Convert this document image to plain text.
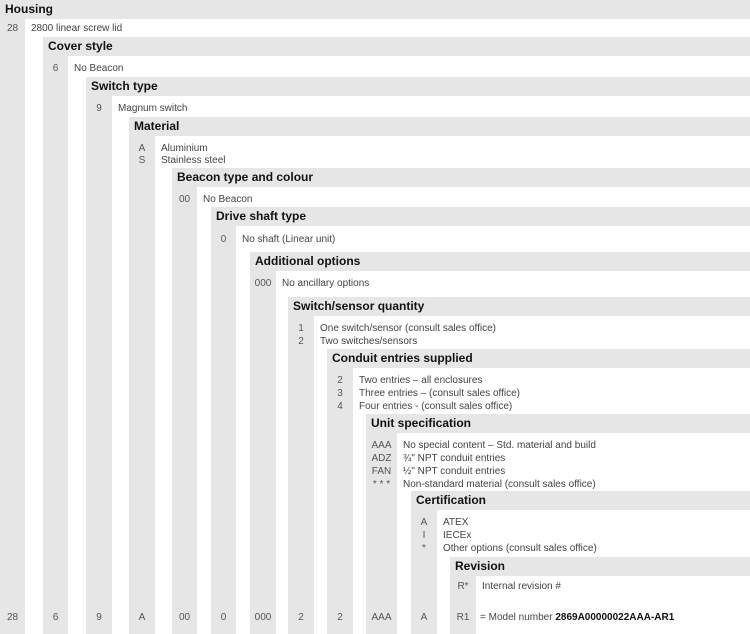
Housing
28	2800 linear screw lid
Cover style
6	No Beacon
Switch type
9	Magnum switch
Material
A	Aluminium
S	Stainless steel
Beacon type and colour
00	No Beacon
Drive shaft type
0	No shaft (Linear unit)
Additional options
000	No ancillary options
Switch/sensor quantity
1	One switch/sensor (consult sales office)
2	Two switches/sensors
Conduit entries supplied
2	Two entries – all enclosures
3	Three entries – (consult sales office)
4	Four entries - (consult sales office)
Unit specification
AAA	No special content – Std. material and build
ADZ	¾" NPT conduit entries
FAN	½" NPT conduit entries
* * *	Non-standard material (consult sales office)
Certification
A	ATEX
I	IECEx
*	Other options (consult sales office)
Revision
R*	Internal revision #
28	6	9	A	00	0	000	2	2	AAA	A	R1	= Model number 2869A00000022AAA-AR1
